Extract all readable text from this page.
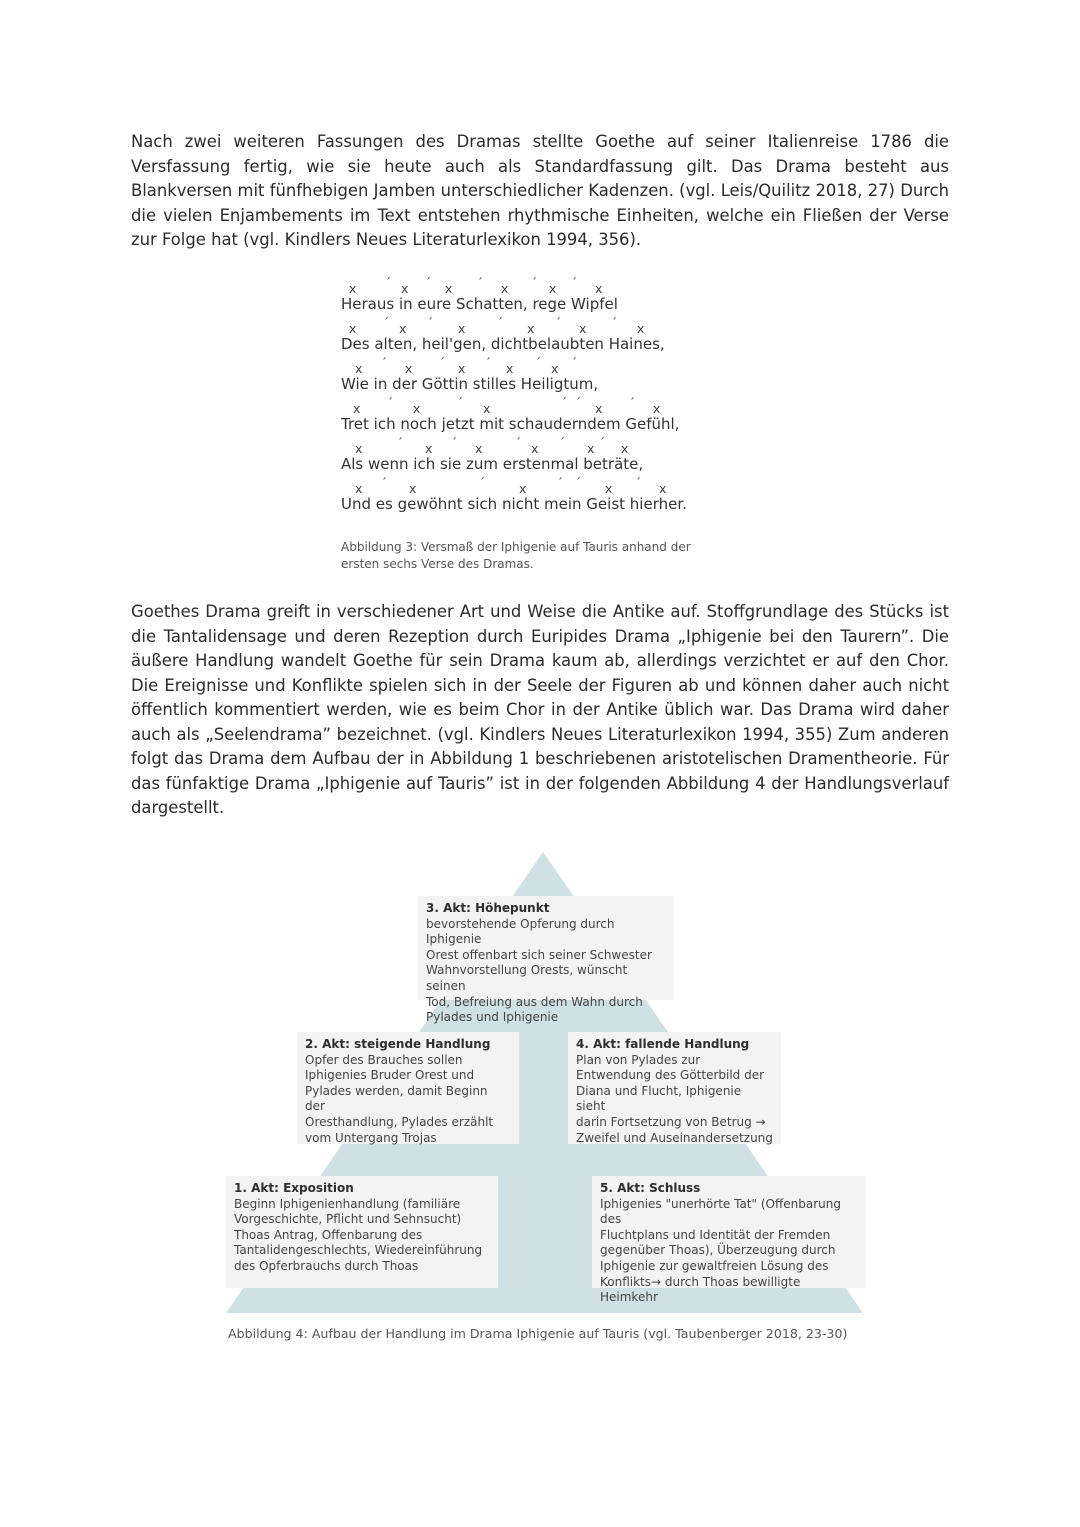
Nach zwei weiteren Fassungen des Dramas stellte Goethe auf seiner Italienreise 1786 die Versfassung fertig, wie sie heute auch als Standardfassung gilt. Das Drama besteht aus Blankversen mit fünfhebigen Jamben unterschiedlicher Kadenzen. (vgl. Leis/Quilitz 2018, 27) Durch die vielen Enjambements im Text entstehen rhythmische Einheiten, welche ein Fließen der Verse zur Folge hat (vgl. Kindlers Neues Literaturlexikon 1994, 356).

x ´ x ´ x ´ x ´ x ´ x
Heraus in eure Schatten, rege Wipfel
x ´ x ´ x	´ x ´ x ´ x
Des alten, heil'gen, dichtbelaubten Haines,
x ´ x ´ x ´ x ´ x ´
Wie in der Göttin stilles Heiligtum,
x ´ x	´ x	´ x ´ x
´
Tret ich noch jetzt mit schauderndem Gefühl,
x	´ x ´ x	´ x ´ x ´ x
Als wenn ich sie zum erstenmal beträte,
x ´ x	´	x	´	x ´ x
´
Und es gewöhnt sich nicht mein Geist hierher.
Abbildung 3: Versmaß der Iphigenie auf Tauris anhand der ersten sechs Verse des Dramas.

Goethes Drama greift in verschiedener Art und Weise die Antike auf. Stoffgrundlage des Stücks ist die Tantalidensage und deren Rezeption durch Euripides Drama „Iphigenie bei den Taurern”. Die äußere Handlung wandelt Goethe für sein Drama kaum ab, allerdings verzichtet er auf den Chor. Die Ereignisse und Konflikte spielen sich in der Seele der Figuren ab und können daher auch nicht öffentlich kommentiert werden, wie es beim Chor in der Antike üblich war. Das Drama wird daher auch als „Seelendrama” bezeichnet. (vgl. Kindlers Neues Literaturlexikon 1994, 355) Zum anderen folgt das Drama dem Aufbau der in Abbildung 1 beschriebenen aristotelischen Dramentheorie. Für das fünfaktige Drama „Iphigenie auf Tauris” ist in der folgenden Abbildung 4 der Handlungsverlauf dargestellt.

3. Akt: Höhepunkt
bevorstehende Opferung durch Iphigenie
Orest offenbart sich seiner Schwester
Wahnvorstellung Orests, wünscht seinen
Tod, Befreiung aus dem Wahn durch
Pylades und Iphigenie
2. Akt: steigende Handlung
Opfer des Brauches sollen
Iphigenies Bruder Orest und
Pylades werden, damit Beginn der
Oresthandlung, Pylades erzählt
vom Untergang Trojas
4. Akt: fallende Handlung
Plan von Pylades zur
Entwendung des Götterbild der
Diana und Flucht, Iphigenie sieht
darin Fortsetzung von Betrug →
Zweifel und Auseinandersetzung
1. Akt: Exposition
Beginn Iphigenienhandlung (familiäre
Vorgeschichte, Pflicht und Sehnsucht)
Thoas Antrag, Offenbarung des
Tantalidengeschlechts, Wiedereinführung
des Opferbrauchs durch Thoas
5. Akt: Schluss
Iphigenies "unerhörte Tat" (Offenbarung des
Fluchtplans und Identität der Fremden
gegenüber Thoas), Überzeugung durch
Iphigenie zur gewaltfreien Lösung des
Konflikts→ durch Thoas bewilligte Heimkehr
Abbildung 4: Aufbau der Handlung im Drama Iphigenie auf Tauris (vgl. Taubenberger 2018, 23-30)
